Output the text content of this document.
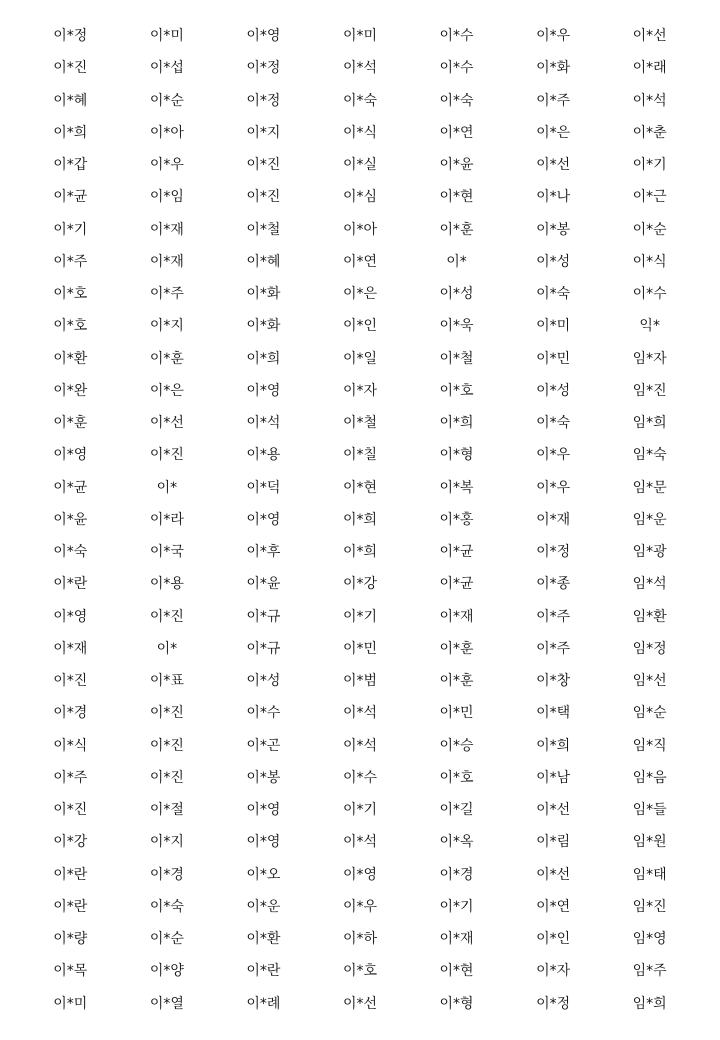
이*정	이*미	이*영	이*미	이*수	이*우	이*선
이*진	이*섭	이*정	이*석	이*수	이*화	이*래
이*혜	이*순	이*정	이*숙	이*숙	이*주	이*석
이*희	이*아	이*지	이*식	이*연	이*은	이*춘
이*갑	이*우	이*진	이*실	이*윤	이*선	이*기
이*균	이*임	이*진	이*심	이*현	이*나	이*근
이*기	이*재	이*철	이*아	이*훈	이*봉	이*순
이*주	이*재	이*혜	이*연	이*	이*성	이*식
이*호	이*주	이*화	이*은	이*성	이*숙	이*수
이*호	이*지	이*화	이*인	이*욱	이*미	익*
이*환	이*훈	이*희	이*일	이*철	이*민	임*자
이*완	이*은	이*영	이*자	이*호	이*성	임*진
이*훈	이*선	이*석	이*철	이*희	이*숙	임*희
이*영	이*진	이*용	이*칠	이*형	이*우	임*숙
이*균	이*	이*덕	이*현	이*복	이*우	임*문
이*윤	이*라	이*영	이*희	이*홍	이*재	임*운
이*숙	이*국	이*후	이*희	이*균	이*정	임*광
이*란	이*용	이*윤	이*강	이*균	이*종	임*석
이*영	이*진	이*규	이*기	이*재	이*주	임*환
이*재	이*	이*규	이*민	이*훈	이*주	임*정
이*진	이*표	이*성	이*범	이*훈	이*창	임*선
이*경	이*진	이*수	이*석	이*민	이*택	임*순
이*식	이*진	이*곤	이*석	이*승	이*희	임*직
이*주	이*진	이*봉	이*수	이*호	이*남	임*음
이*진	이*절	이*영	이*기	이*길	이*선	임*들
이*강	이*지	이*영	이*석	이*옥	이*림	임*원
이*란	이*경	이*오	이*영	이*경	이*선	임*태
이*란	이*숙	이*운	이*우	이*기	이*연	임*진
이*량	이*순	이*환	이*하	이*재	이*인	임*영
이*목	이*양	이*란	이*호	이*현	이*자	임*주
이*미	이*열	이*례	이*선	이*형	이*정	임*희
